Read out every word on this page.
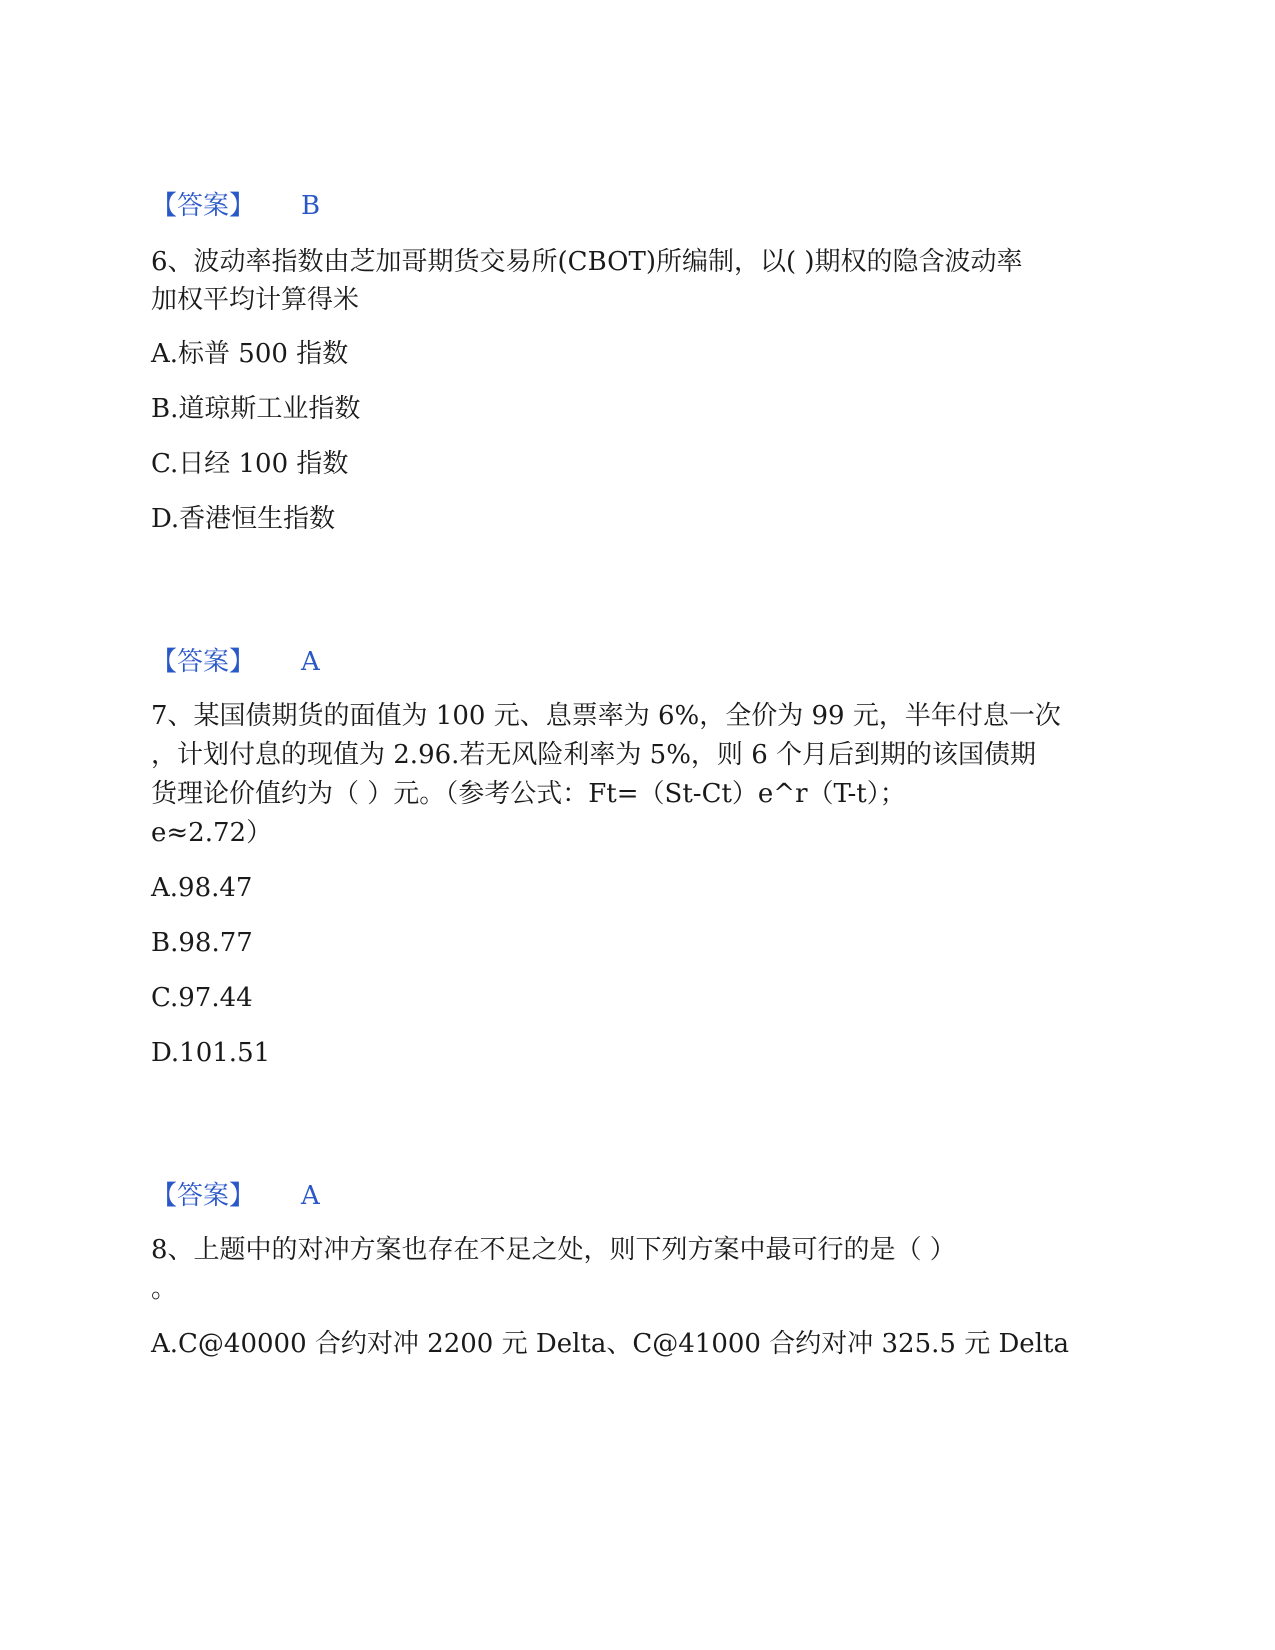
【答案】 B
6、波动率指数由芝加哥期货交易所(CBOT)所编制，以( )期权的隐含波动率
加权平均计算得米
A.标普 500 指数
B.道琼斯工业指数
C.日经 100 指数
D.香港恒生指数
【答案】 A
7、某国债期货的面值为 100 元、息票率为 6%，全价为 99 元，半年付息一次
，计划付息的现值为 2.96.若无风险利率为 5%，则 6 个月后到期的该国债期
货理论价值约为（ ）元。（参考公式：Ft=（St-Ct）e^r（T-t）；
e≈2.72）
A.98.47
B.98.77
C.97.44
D.101.51
【答案】 A
8、上题中的对冲方案也存在不足之处，则下列方案中最可行的是（ ）
。
A.C@40000 合约对冲 2200 元 Delta、C@41000 合约对冲 325.5 元 Delta
